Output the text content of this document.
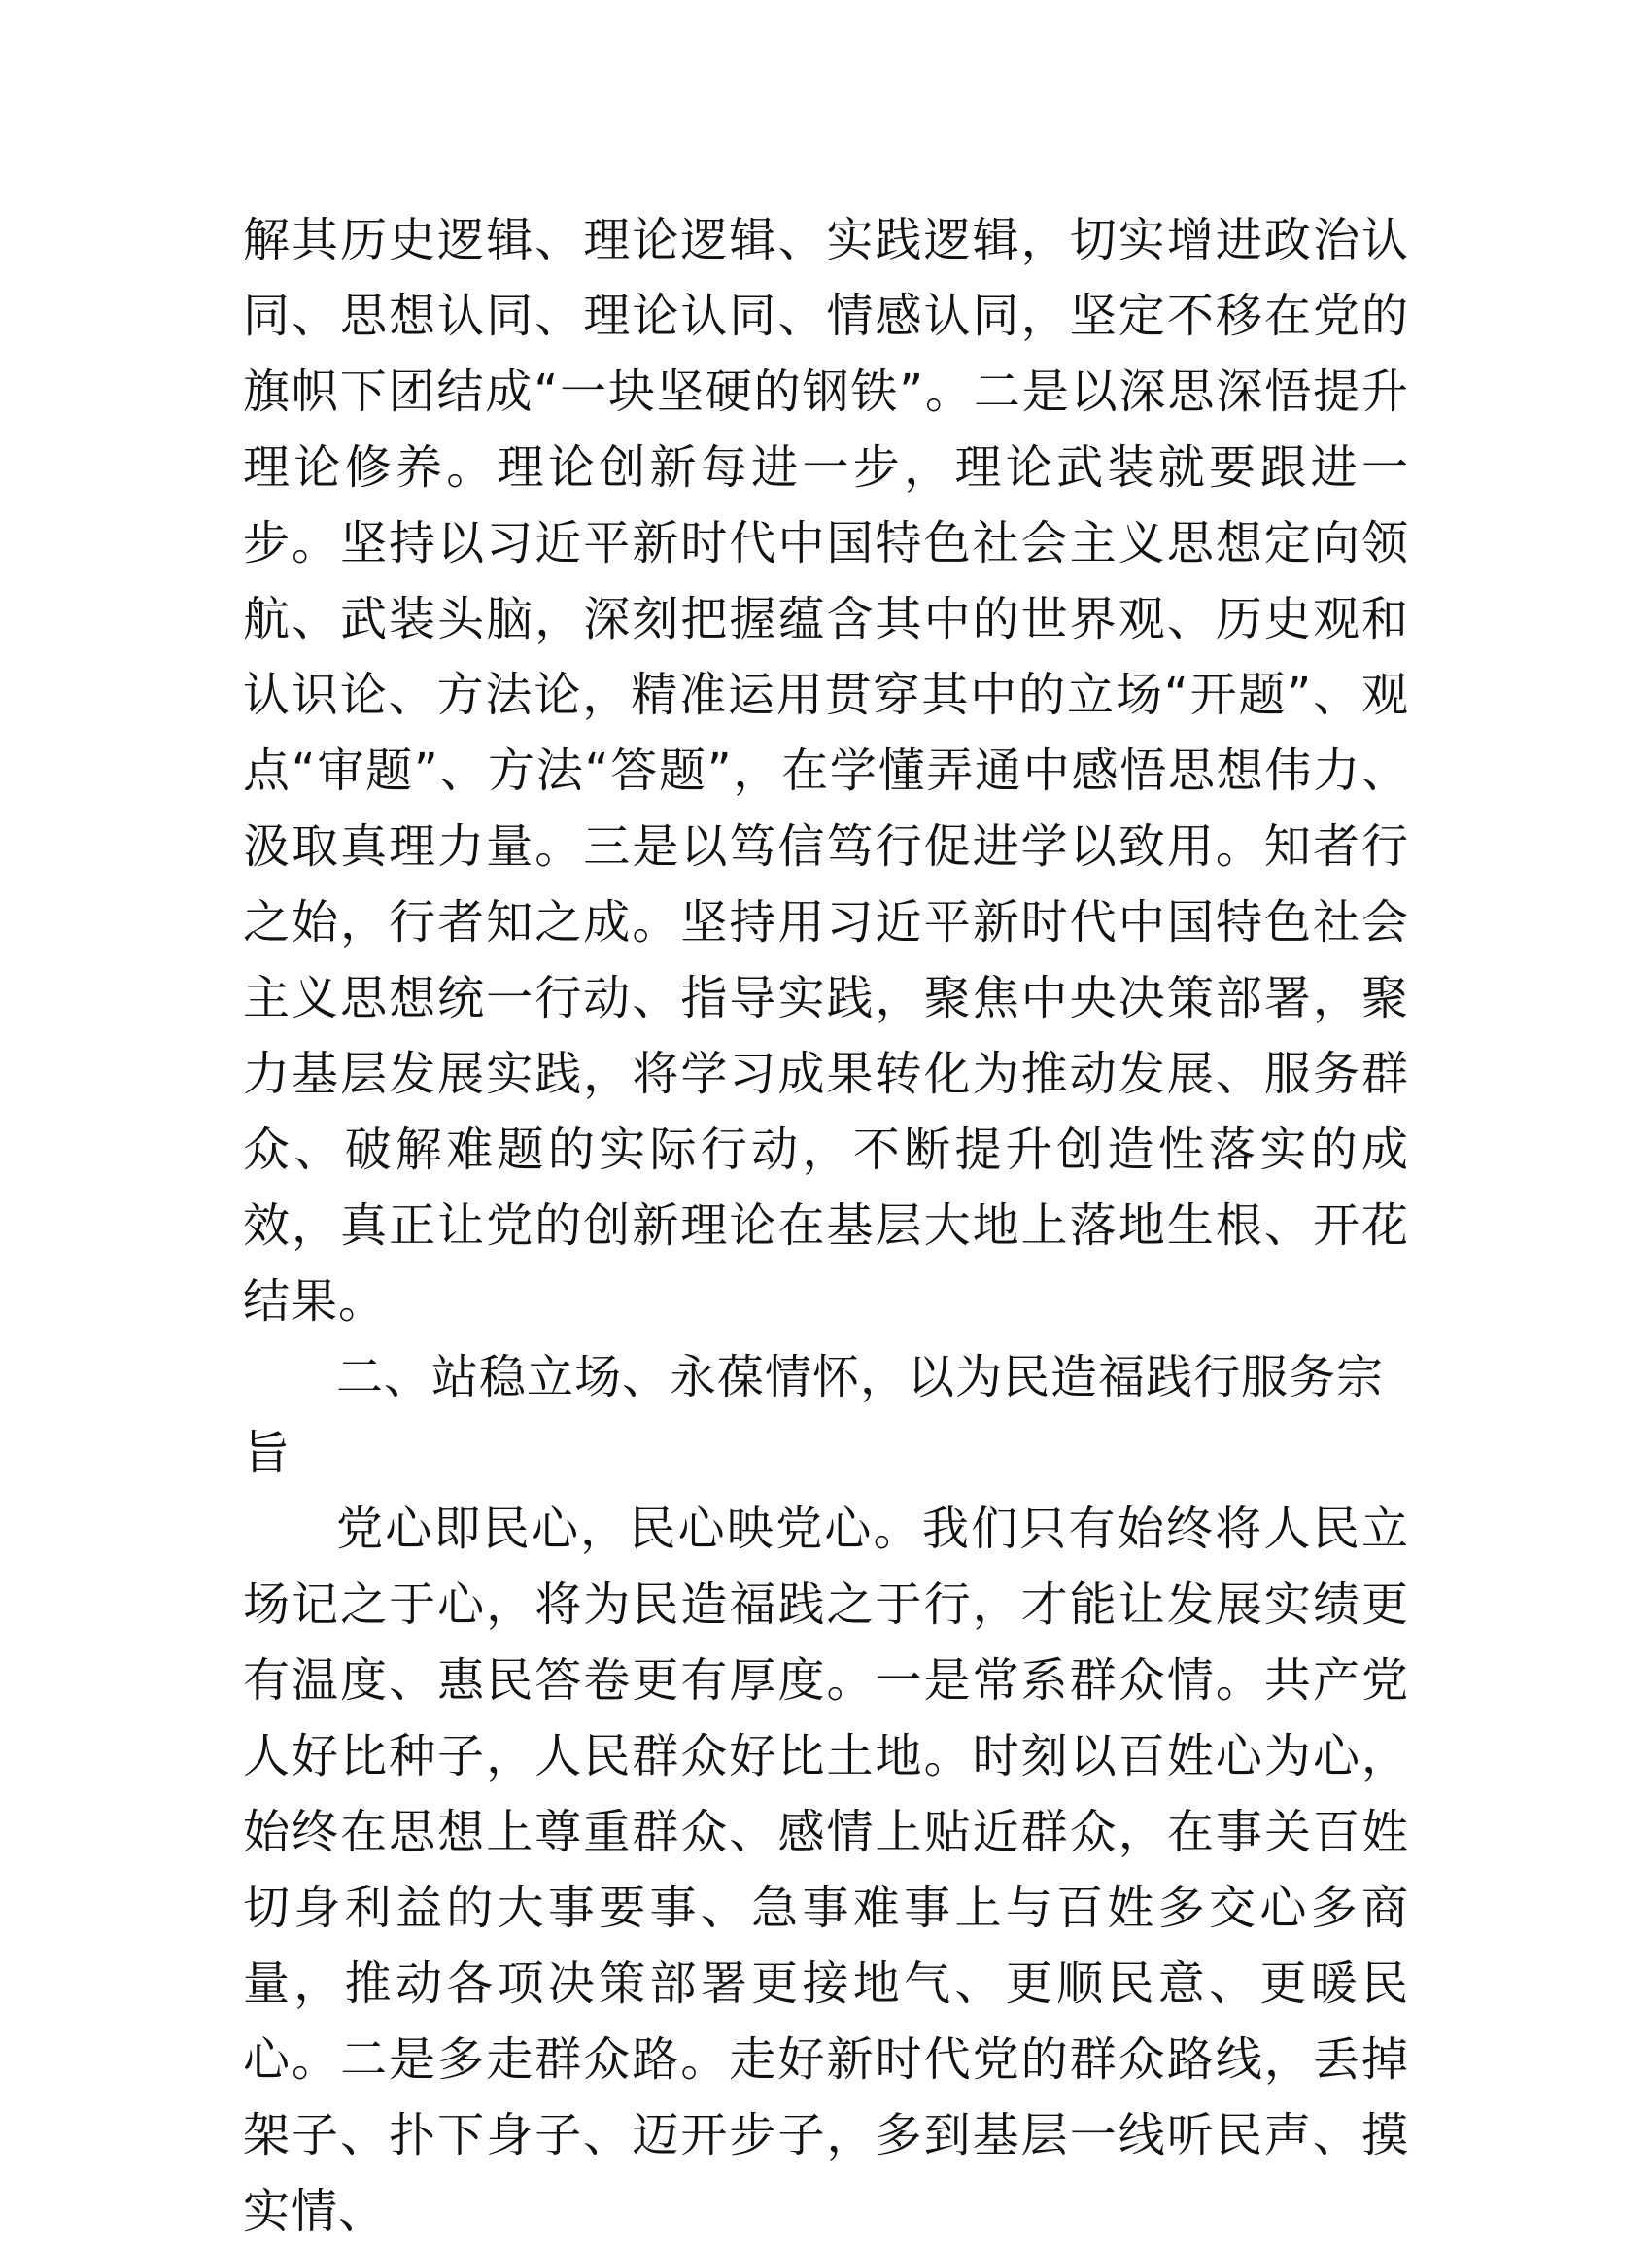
解其历史逻辑、理论逻辑、实践逻辑，切实增进政治认同、思想认同、理论认同、情感认同，坚定不移在党的旗帜下团结成“一块坚硬的钢铁”。二是以深思深悟提升理论修养。理论创新每进一步，理论武装就要跟进一步。坚持以习近平新时代中国特色社会主义思想定向领航、武装头脑，深刻把握蕴含其中的世界观、历史观和认识论、方法论，精准运用贯穿其中的立场“开题”、观点“审题”、方法“答题”，在学懂弄通中感悟思想伟力、汲取真理力量。三是以笃信笃行促进学以致用。知者行之始，行者知之成。坚持用习近平新时代中国特色社会主义思想统一行动、指导实践，聚焦中央决策部署，聚力基层发展实践，将学习成果转化为推动发展、服务群众、破解难题的实际行动，不断提升创造性落实的成效，真正让党的创新理论在基层大地上落地生根、开花结果。

二、站稳立场、永葆情怀，以为民造福践行服务宗旨

党心即民心，民心映党心。我们只有始终将人民立场记之于心，将为民造福践之于行，才能让发展实绩更有温度、惠民答卷更有厚度。一是常系群众情。共产党人好比种子，人民群众好比土地。时刻以百姓心为心，始终在思想上尊重群众、感情上贴近群众，在事关百姓切身利益的大事要事、急事难事上与百姓多交心多商量，推动各项决策部署更接地气、更顺民意、更暖民心。二是多走群众路。走好新时代党的群众路线，丢掉架子、扑下身子、迈开步子，多到基层一线听民声、摸实情、
